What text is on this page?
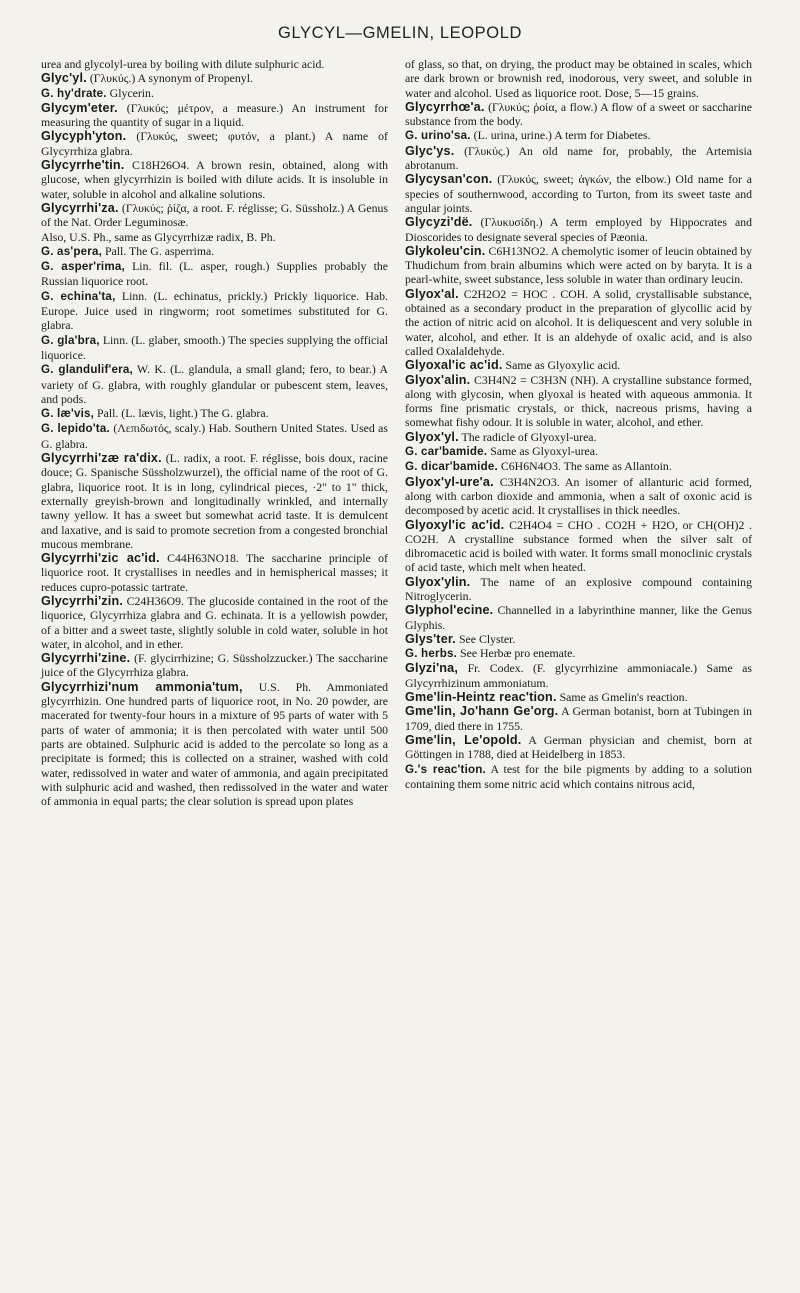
GLYCYL—GMELIN, LEOPOLD

urea and glycolyl-urea by boiling with dilute sulphuric acid.

Glyc'yl. (Γλυκύς.) A synonym of Propenyl.

G. hy'drate. Glycerin.

Glycym'eter. (Γλυκύς; μέτρον, a measure.) An instrument for measuring the quantity of sugar in a liquid.

Glycyph'yton. (Γλυκύς, sweet; φυτόν, a plant.) A name of Glycyrrhiza glabra.

Glycyrrhe'tin. C18H26O4. A brown resin, obtained, along with glucose, when glycyrrhizin is boiled with dilute acids. It is insoluble in water, soluble in alcohol and alkaline solutions.

Glycyrrhi'za. (Γλυκύς; ῥίζα, a root. F. réglisse; G. Süssholz.) A Genus of the Nat. Order Leguminosæ.

Also, U.S. Ph., same as Glycyrrhizæ radix, B. Ph.

G. as'pera, Pall. The G. asperrima.

G. asper'rima, Lin. fil. (L. asper, rough.) Supplies probably the Russian liquorice root.

G. echina'ta, Linn. (L. echinatus, prickly.) Prickly liquorice. Hab. Europe. Juice used in ringworm; root sometimes substituted for G. glabra.

G. gla'bra, Linn. (L. glaber, smooth.) The species supplying the official liquorice.

G. glandulif'era, W. K. (L. glandula, a small gland; fero, to bear.) A variety of G. glabra, with roughly glandular or pubescent stem, leaves, and pods.

G. læ'vis, Pall. (L. lævis, light.) The G. glabra.

G. lepido'ta. (Λεπιδωτός, scaly.) Hab. Southern United States. Used as G. glabra.

Glycyrrhi'zæ ra'dix. (L. radix, a root. F. réglisse, bois doux, racine douce; G. Spanische Süssholzwurzel), the official name of the root of G. glabra, liquorice root. It is in long, cylindrical pieces, ·2" to 1" thick, externally greyish-brown and longitudinally wrinkled, and internally tawny yellow. It has a sweet but somewhat acrid taste. It is demulcent and laxative, and is said to promote secretion from a congested bronchial mucous membrane.

Glycyrrhi'zic ac'id. C44H63NO18. The saccharine principle of liquorice root. It crystallises in needles and in hemispherical masses; it reduces cupro-potassic tartrate.

Glycyrrhi'zin. C24H36O9. The glucoside contained in the root of the liquorice, Glycyrrhiza glabra and G. echinata. It is a yellowish powder, of a bitter and a sweet taste, slightly soluble in cold water, soluble in hot water, in alcohol, and in ether.

Glycyrrhi'zine. (F. glycirrhizine; G. Süssholzzucker.) The saccharine juice of the Glycyrrhiza glabra.

Glycyrrhizi'num ammonia'tum, U.S. Ph. Ammoniated glycyrrhizin. One hundred parts of liquorice root, in No. 20 powder, are macerated for twenty-four hours in a mixture of 95 parts of water with 5 parts of water of ammonia; it is then percolated with water until 500 parts are obtained. Sulphuric acid is added to the percolate so long as a precipitate is formed; this is collected on a strainer, washed with cold water, redissolved in water and water of ammonia, and again precipitated with sulphuric acid and washed, then redissolved in the water and water of ammonia in equal parts; the clear solution is spread upon plates

of glass, so that, on drying, the product may be obtained in scales, which are dark brown or brownish red, inodorous, very sweet, and soluble in water and alcohol. Used as liquorice root. Dose, 5—15 grains.

Glycyrrhœ'a. (Γλυκύς; ῥοία, a flow.) A flow of a sweet or saccharine substance from the body.

G. urino'sa. (L. urina, urine.) A term for Diabetes.

Glyc'ys. (Γλυκύς.) An old name for, probably, the Artemisia abrotanum.

Glycysan'con. (Γλυκύς, sweet; ἀγκών, the elbow.) Old name for a species of southernwood, according to Turton, from its sweet taste and angular joints.

Glycyzi'dë. (Γλυκυσίδη.) A term employed by Hippocrates and Dioscorides to designate several species of Pæonia.

Glykoleu'cin. C6H13NO2. A chemolytic isomer of leucin obtained by Thudichum from brain albumins which were acted on by baryta. It is a pearl-white, sweet substance, less soluble in water than ordinary leucin.

Glyox'al. C2H2O2 = HOC . COH. A solid, crystallisable substance, obtained as a secondary product in the preparation of glycollic acid by the action of nitric acid on alcohol. It is deliquescent and very soluble in water, alcohol, and ether. It is an aldehyde of oxalic acid, and is also called Oxalaldehyde.

Glyoxal'ic ac'id. Same as Glyoxylic acid.

Glyox'alin. C3H4N2 = C3H3N (NH). A crystalline substance formed, along with glycosin, when glyoxal is heated with aqueous ammonia. It forms fine prismatic crystals, or thick, nacreous prisms, having a somewhat fishy odour. It is soluble in water, alcohol, and ether.

Glyox'yl. The radicle of Glyoxyl-urea.

G. car'bamide. Same as Glyoxyl-urea.

G. dicar'bamide. C6H6N4O3. The same as Allantoin.

Glyox'yl-ure'a. C3H4N2O3. An isomer of allanturic acid formed, along with carbon dioxide and ammonia, when a salt of oxonic acid is decomposed by acetic acid. It crystallises in thick needles.

Glyoxyl'ic ac'id. C2H4O4 = CHO . CO2H + H2O, or CH(OH)2 . CO2H. A crystalline substance formed when the silver salt of dibromacetic acid is boiled with water. It forms small monoclinic crystals of acid taste, which melt when heated.

Glyox'ylin. The name of an explosive compound containing Nitroglycerin.

Glyphol'ecine. Channelled in a labyrinthine manner, like the Genus Glyphis.

Glys'ter. See Clyster.

G. herbs. See Herbæ pro enemate.

Glyzi'na, Fr. Codex. (F. glycyrrhizine ammoniacale.) Same as Glycyrrhizinum ammoniatum.

Gme'lin-Heintz reac'tion. Same as Gmelin's reaction.

Gme'lin, Jo'hann Ge'org. A German botanist, born at Tubingen in 1709, died there in 1755.

Gme'lin, Le'opold. A German physician and chemist, born at Göttingen in 1788, died at Heidelberg in 1853.

G.'s reac'tion. A test for the bile pigments by adding to a solution containing them some nitric acid which contains nitrous acid,
